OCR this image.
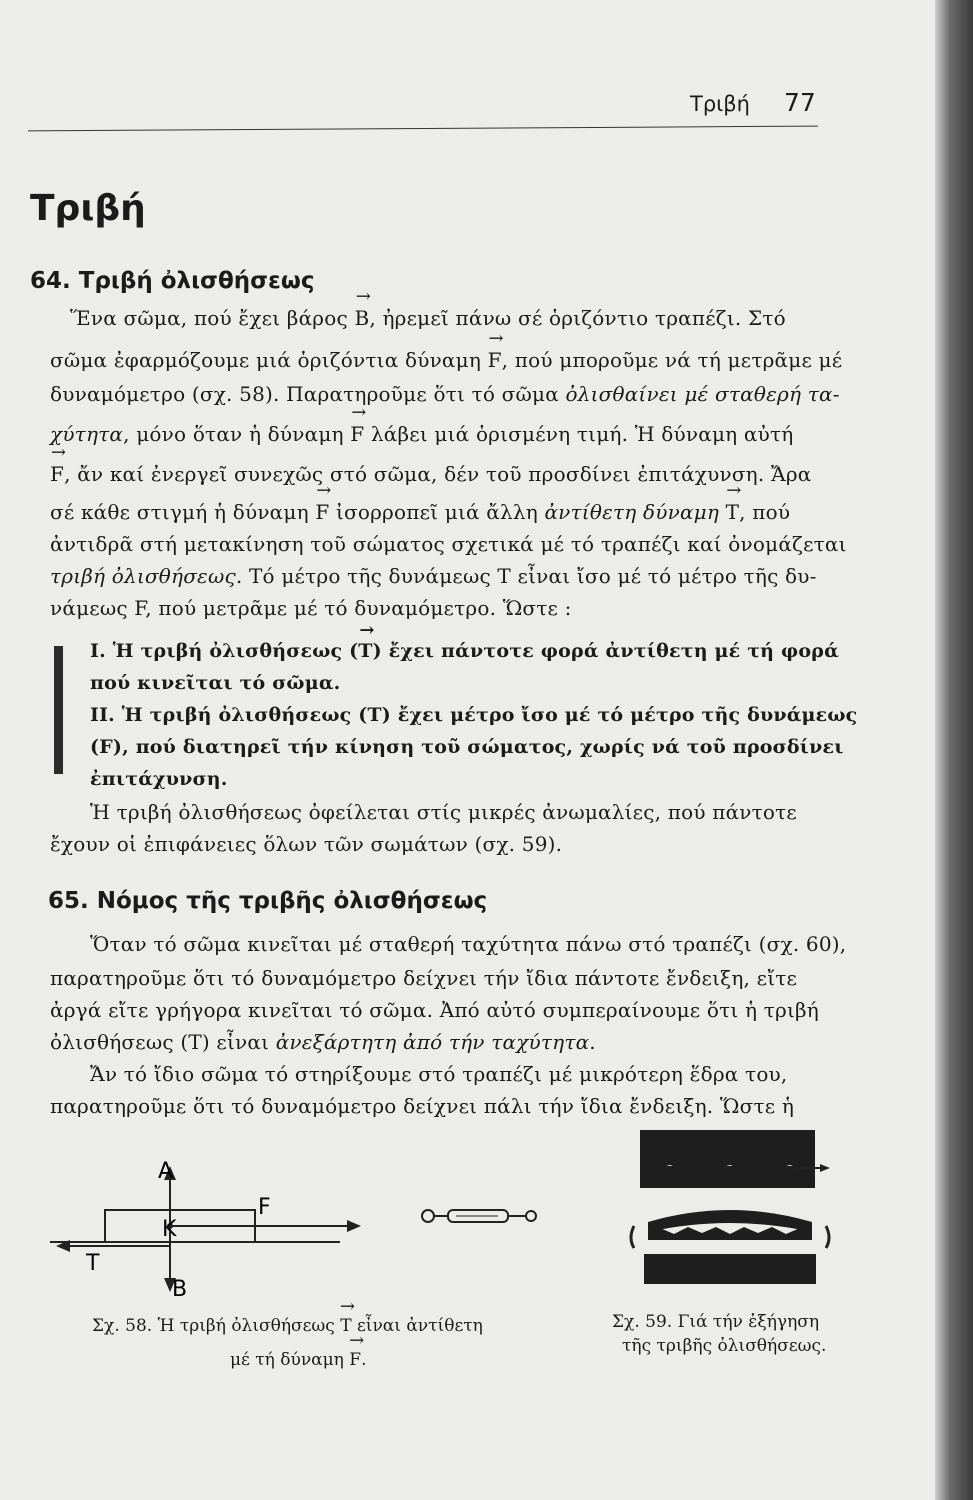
Τριβή 77
Τριβή
64. Τριβή ὀλισθήσεως
Ἕνα σῶμα, πού ἔχει βάρος → B, ἠρεμεῖ πάνω σέ ὁριζόντιο τραπέζι. Στό
σῶμα ἐφαρμόζουμε μιά ὁριζόντια δύναμη → F, πού μποροῦμε νά τή μετρᾶμε μέ
δυναμόμετρο (σχ. 58). Παρατηροῦμε ὅτι τό σῶμα ὀλισθαίνει μέ σταθερή τα-
χύτητα, μόνο ὅταν ἡ δύναμη → F λάβει μιά ὁρισμένη τιμή. Ἡ δύναμη αὐτή
→ F, ἄν καί ἐνεργεῖ συνεχῶς στό σῶμα, δέν τοῦ προσδίνει ἐπιτάχυνση. Ἄρα
σέ κάθε στιγμή ἡ δύναμη → F ἰσορροπεῖ μιά ἄλλη ἀντίθετη δύναμη → T, πού
ἀντιδρᾶ στή μετακίνηση τοῦ σώματος σχετικά μέ τό τραπέζι καί ὀνομάζεται
τριβή ὀλισθήσεως. Τό μέτρο τῆς δυνάμεως T εἶναι ἴσο μέ τό μέτρο τῆς δυ-
νάμεως F, πού μετρᾶμε μέ τό δυναμόμετρο. Ὥστε :
I. Ἡ τριβή ὀλισθήσεως (→ T) ἔχει πάντοτε φορά ἀντίθετη μέ τή φορά
πού κινεῖται τό σῶμα.
II. Ἡ τριβή ὀλισθήσεως (T) ἔχει μέτρο ἴσο μέ τό μέτρο τῆς δυνάμεως
(F), πού διατηρεῖ τήν κίνηση τοῦ σώματος, χωρίς νά τοῦ προσδίνει
ἐπιτάχυνση.
Ἡ τριβή ὀλισθήσεως ὀφείλεται στίς μικρές ἀνωμαλίες, πού πάντοτε
ἔχουν οἱ ἐπιφάνειες ὅλων τῶν σωμάτων (σχ. 59).
65. Νόμος τῆς τριβῆς ὀλισθήσεως
Ὅταν τό σῶμα κινεῖται μέ σταθερή ταχύτητα πάνω στό τραπέζι (σχ. 60),
παρατηροῦμε ὅτι τό δυναμόμετρο δείχνει τήν ἴδια πάντοτε ἔνδειξη, εἴτε
ἀργά εἴτε γρήγορα κινεῖται τό σῶμα. Ἀπό αὐτό συμπεραίνουμε ὅτι ἡ τριβή
ὀλισθήσεως (T) εἶναι ἀνεξάρτητη ἀπό τήν ταχύτητα.
Ἄν τό ἴδιο σῶμα τό στηρίξουμε στό τραπέζι μέ μικρότερη ἕδρα του,
παρατηροῦμε ὅτι τό δυναμόμετρο δείχνει πάλι τήν ἴδια ἔνδειξη. Ὥστε ἡ
A
K
F
T
B
Σχ. 58. Ἡ τριβή ὀλισθήσεως → T εἶναι ἀντίθετη
μέ τή δύναμη → F.
Σχ. 59. Γιά τήν ἐξήγηση
τῆς τριβῆς ὀλισθήσεως.
